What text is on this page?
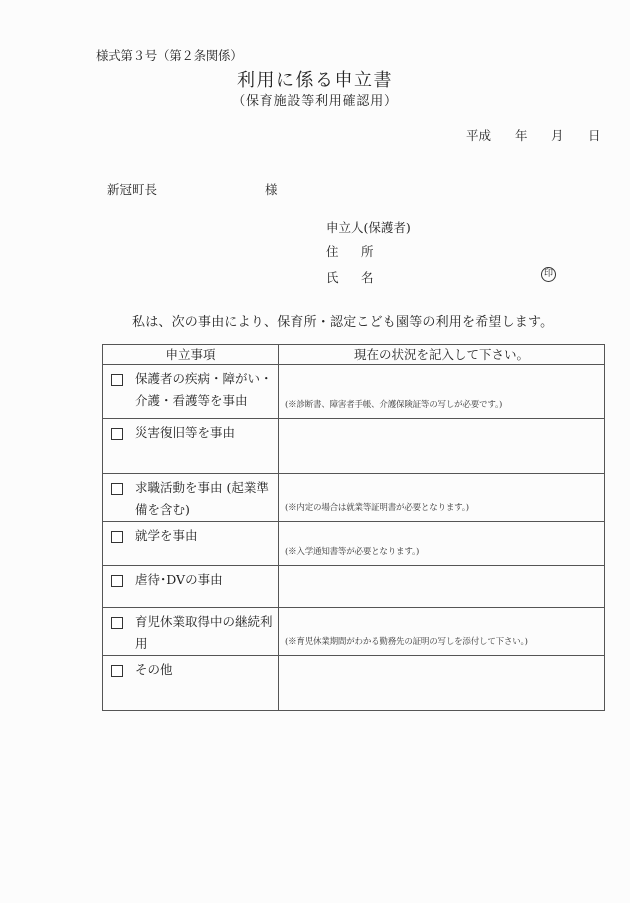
様式第３号（第２条関係）
利用に係る申立書
（保育施設等利用確認用）
平成 年 月 日
新冠町長	様
申立人(保護者)
住 所
氏 名	印
私は、次の事由により、保育所・認定こども園等の利用を希望します。
申立事項	現在の状況を記入して下さい。

保護者の疾病・障がい・介護・看護等を事由	(※診断書、障害者手帳、介護保険証等の写しが必要です。)

災害復旧等を事由	

求職活動を事由 (起業準備を含む)	(※内定の場合は就業等証明書が必要となります。)

就学を事由	(※入学通知書等が必要となります。)

虐待･DVの事由	

育児休業取得中の継続利用	(※育児休業期間がわかる勤務先の証明の写しを添付して下さい。)

その他	
